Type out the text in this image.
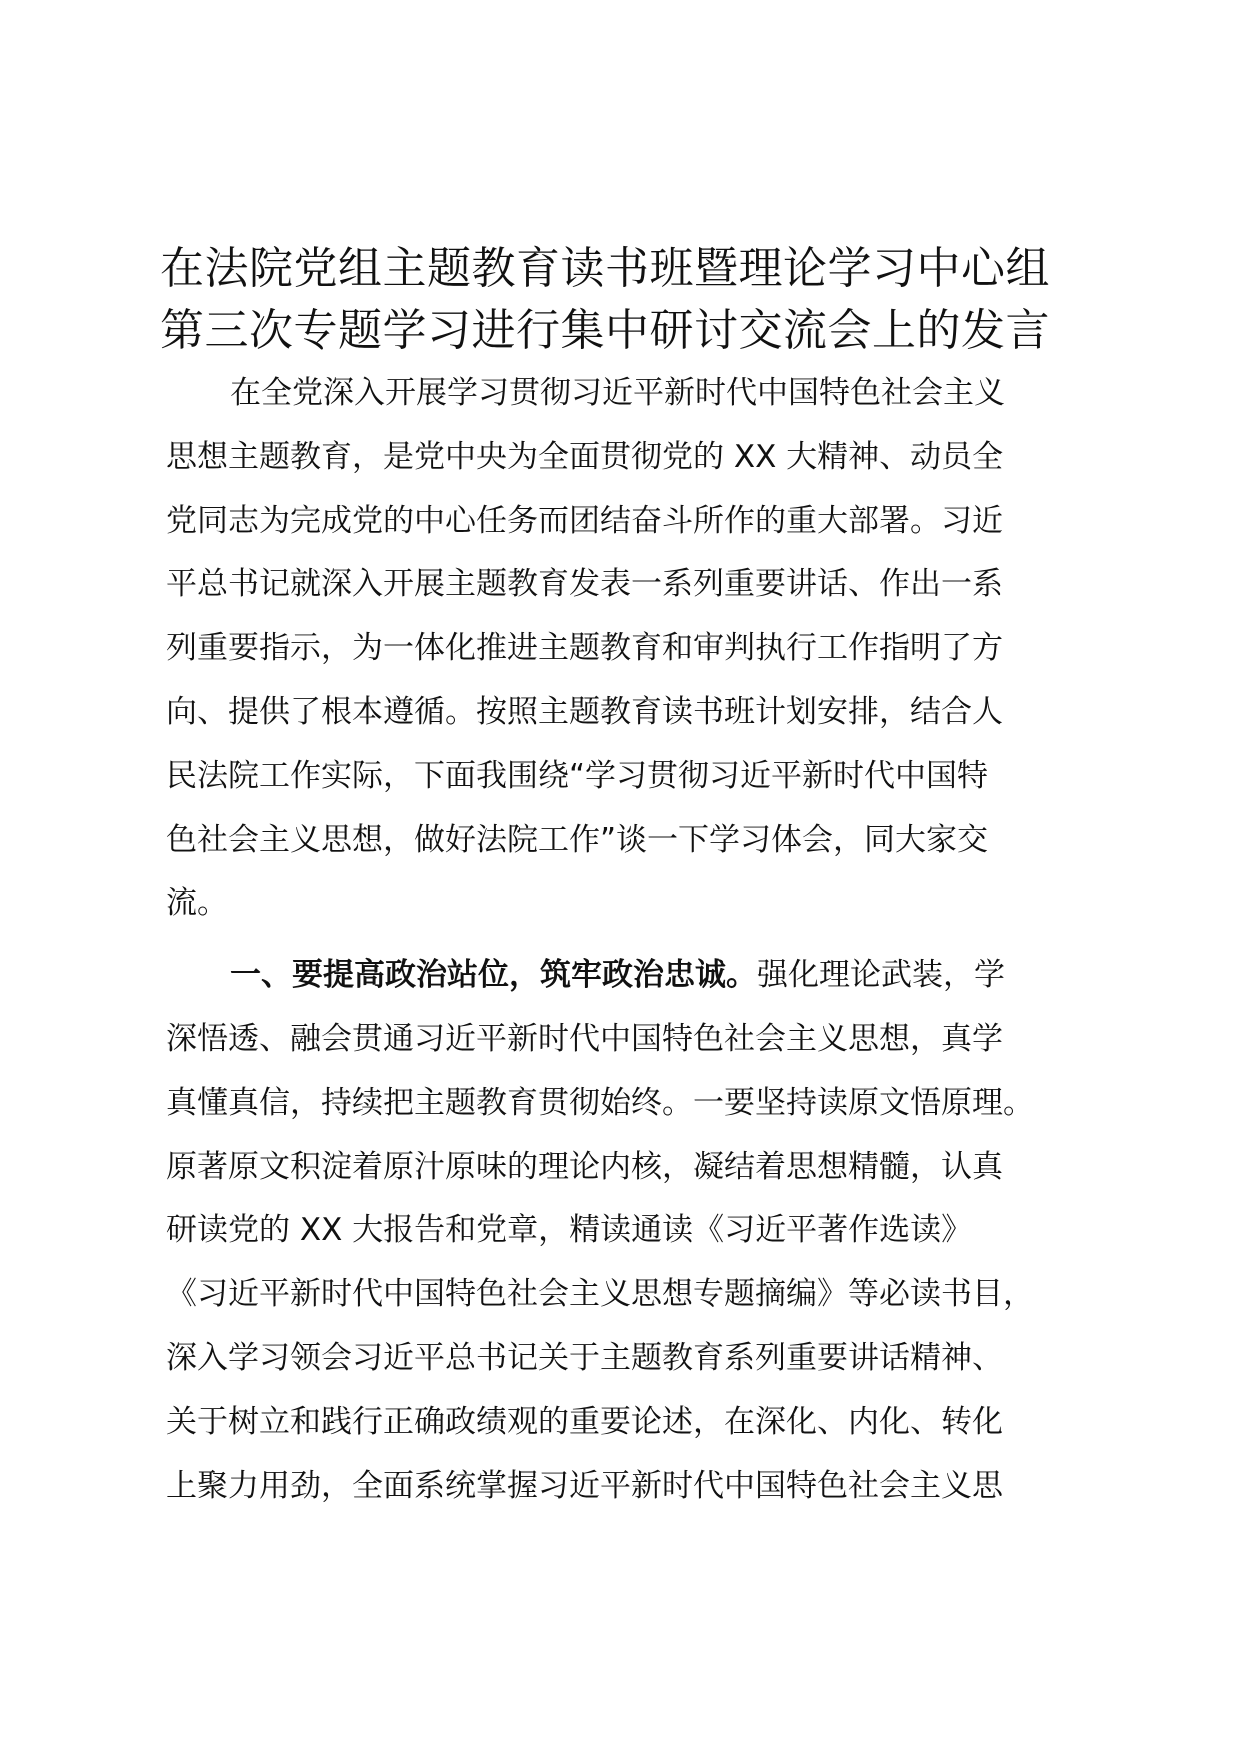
在法院党组主题教育读书班暨理论学习中心组
第三次专题学习进行集中研讨交流会上的发言
在全党深入开展学习贯彻习近平新时代中国特色社会主义
思想主题教育，是党中央为全面贯彻党的 XX 大精神、动员全
党同志为完成党的中心任务而团结奋斗所作的重大部署。习近
平总书记就深入开展主题教育发表一系列重要讲话、作出一系
列重要指示，为一体化推进主题教育和审判执行工作指明了方
向、提供了根本遵循。按照主题教育读书班计划安排，结合人
民法院工作实际，下面我围绕“学习贯彻习近平新时代中国特
色社会主义思想，做好法院工作”谈一下学习体会，同大家交
流。
一、要提高政治站位，筑牢政治忠诚。强化理论武装，学
深悟透、融会贯通习近平新时代中国特色社会主义思想，真学
真懂真信，持续把主题教育贯彻始终。一要坚持读原文悟原理。
原著原文积淀着原汁原味的理论内核，凝结着思想精髓，认真
研读党的 XX 大报告和党章，精读通读《习近平著作选读》
《习近平新时代中国特色社会主义思想专题摘编》等必读书目，
深入学习领会习近平总书记关于主题教育系列重要讲话精神、
关于树立和践行正确政绩观的重要论述，在深化、内化、转化
上聚力用劲，全面系统掌握习近平新时代中国特色社会主义思
